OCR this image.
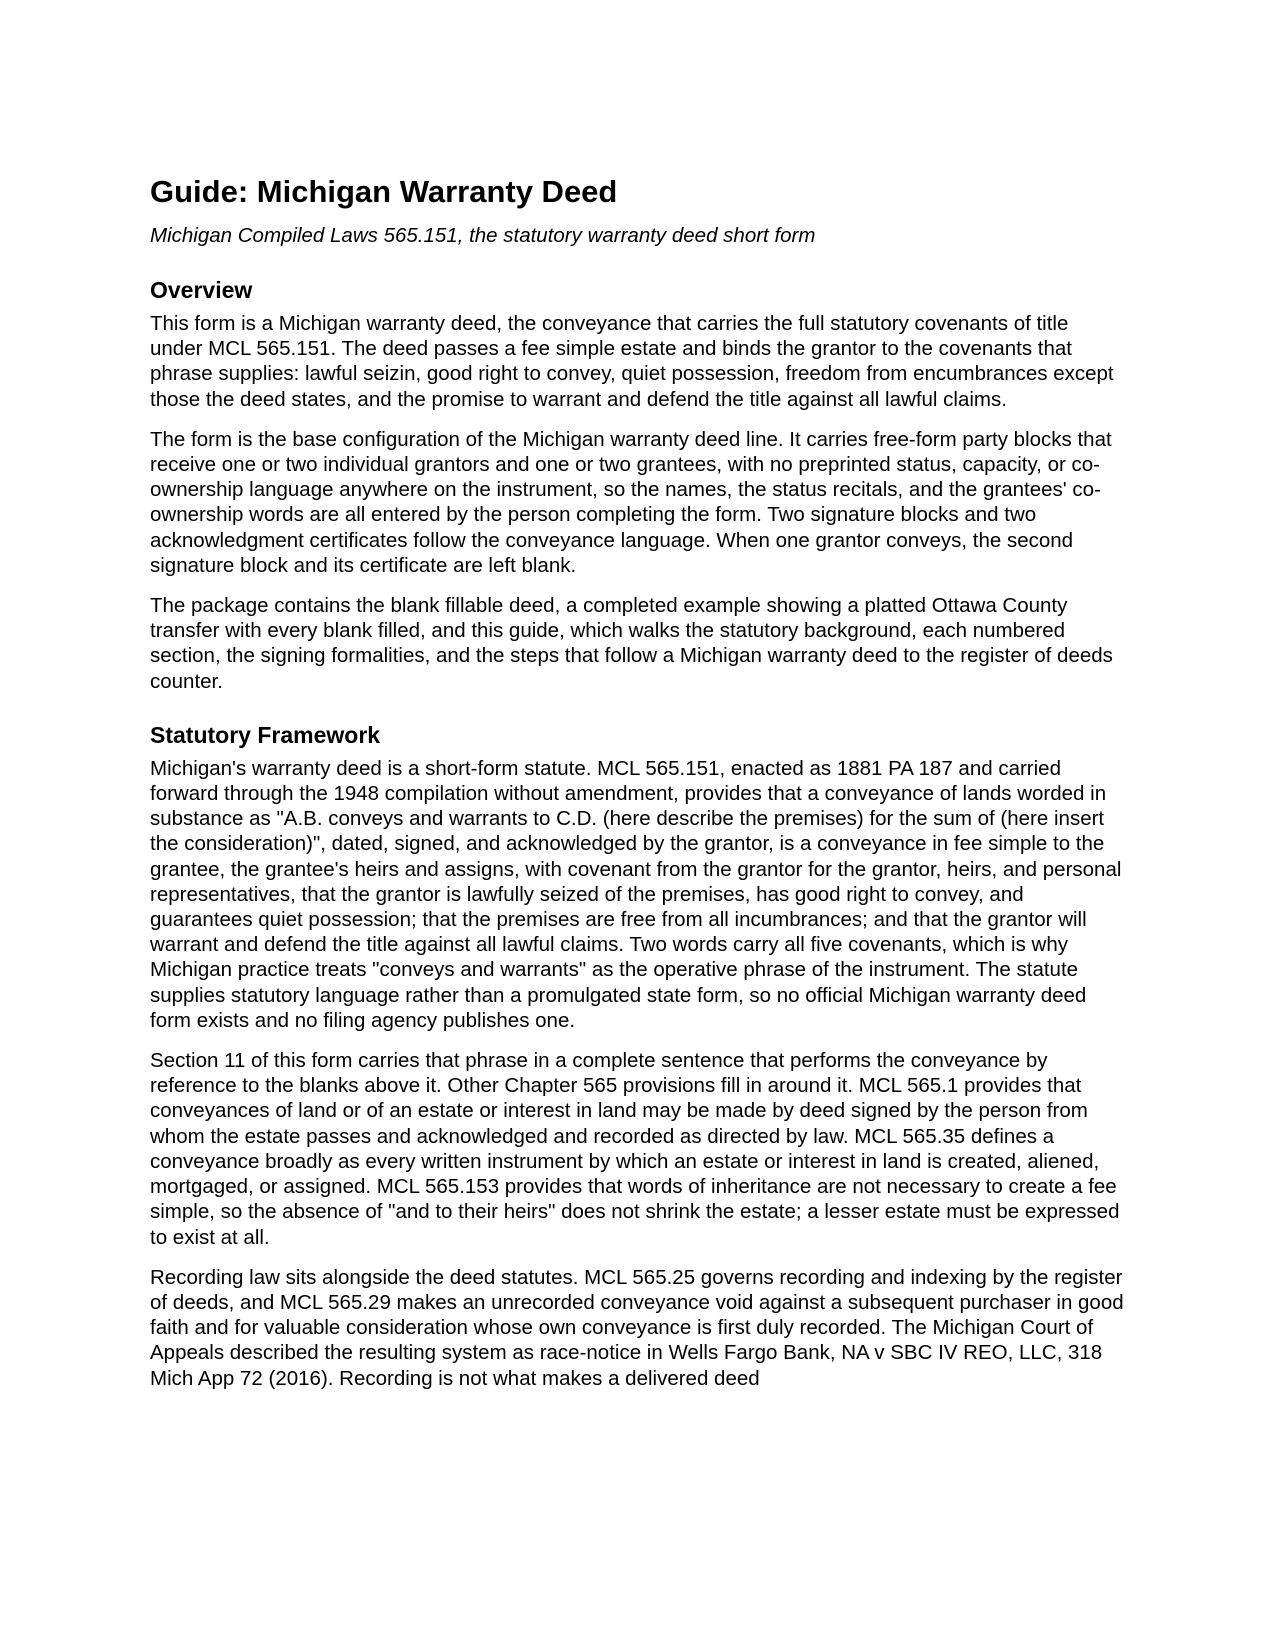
Guide: Michigan Warranty Deed
Michigan Compiled Laws 565.151, the statutory warranty deed short form
Overview

This form is a Michigan warranty deed, the conveyance that carries the full statutory covenants of title under MCL 565.151. The deed passes a fee simple estate and binds the grantor to the covenants that phrase supplies: lawful seizin, good right to convey, quiet possession, freedom from encumbrances except those the deed states, and the promise to warrant and defend the title against all lawful claims.

The form is the base configuration of the Michigan warranty deed line. It carries free-form party blocks that receive one or two individual grantors and one or two grantees, with no preprinted status, capacity, or co-ownership language anywhere on the instrument, so the names, the status recitals, and the grantees' co-ownership words are all entered by the person completing the form. Two signature blocks and two acknowledgment certificates follow the conveyance language. When one grantor conveys, the second signature block and its certificate are left blank.

The package contains the blank fillable deed, a completed example showing a platted Ottawa County transfer with every blank filled, and this guide, which walks the statutory background, each numbered section, the signing formalities, and the steps that follow a Michigan warranty deed to the register of deeds counter.

Statutory Framework

Michigan's warranty deed is a short-form statute. MCL 565.151, enacted as 1881 PA 187 and carried forward through the 1948 compilation without amendment, provides that a conveyance of lands worded in substance as "A.B. conveys and warrants to C.D. (here describe the premises) for the sum of (here insert the consideration)", dated, signed, and acknowledged by the grantor, is a conveyance in fee simple to the grantee, the grantee's heirs and assigns, with covenant from the grantor for the grantor, heirs, and personal representatives, that the grantor is lawfully seized of the premises, has good right to convey, and guarantees quiet possession; that the premises are free from all incumbrances; and that the grantor will warrant and defend the title against all lawful claims. Two words carry all five covenants, which is why Michigan practice treats "conveys and warrants" as the operative phrase of the instrument. The statute supplies statutory language rather than a promulgated state form, so no official Michigan warranty deed form exists and no filing agency publishes one.

Section 11 of this form carries that phrase in a complete sentence that performs the conveyance by reference to the blanks above it. Other Chapter 565 provisions fill in around it. MCL 565.1 provides that conveyances of land or of an estate or interest in land may be made by deed signed by the person from whom the estate passes and acknowledged and recorded as directed by law. MCL 565.35 defines a conveyance broadly as every written instrument by which an estate or interest in land is created, aliened, mortgaged, or assigned. MCL 565.153 provides that words of inheritance are not necessary to create a fee simple, so the absence of "and to their heirs" does not shrink the estate; a lesser estate must be expressed to exist at all.

Recording law sits alongside the deed statutes. MCL 565.25 governs recording and indexing by the register of deeds, and MCL 565.29 makes an unrecorded conveyance void against a subsequent purchaser in good faith and for valuable consideration whose own conveyance is first duly recorded. The Michigan Court of Appeals described the resulting system as race-notice in Wells Fargo Bank, NA v SBC IV REO, LLC, 318 Mich App 72 (2016). Recording is not what makes a delivered deed
